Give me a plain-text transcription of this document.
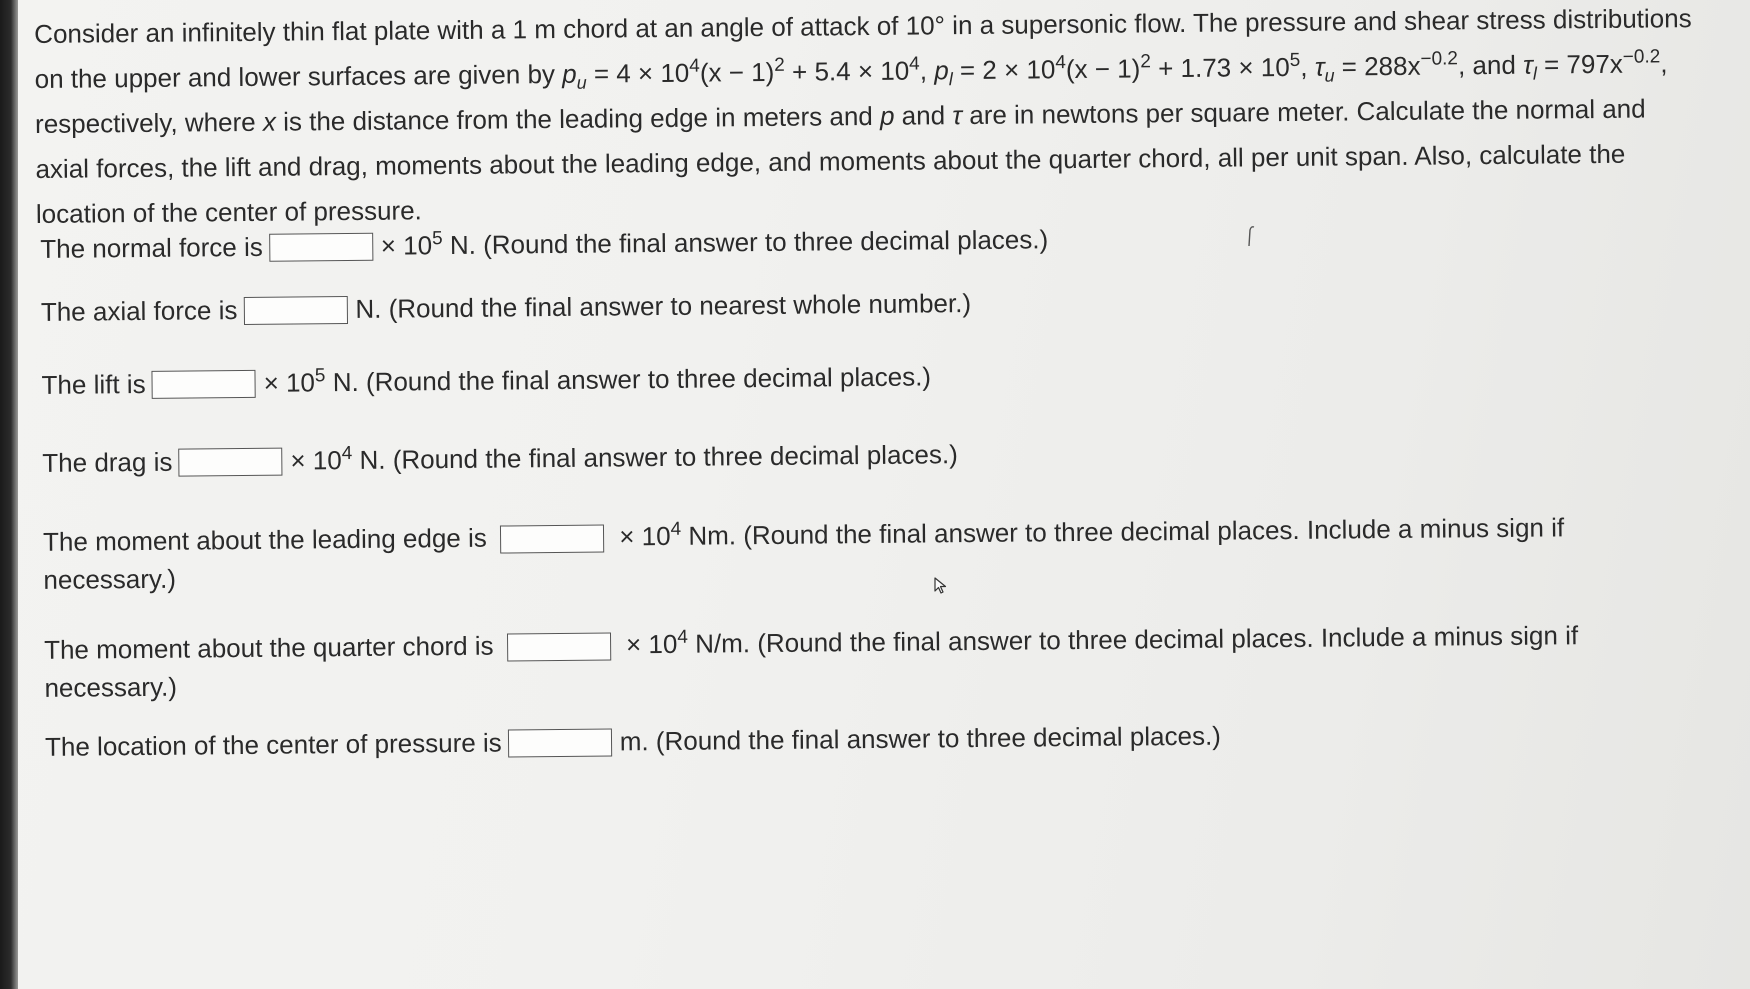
Consider an infinitely thin flat plate with a 1 m chord at an angle of attack of 10° in a supersonic flow. The pressure and shear stress distributions on the upper and lower surfaces are given by $p_u = 4 \times 10^4(x - 1)^2 + 5.4 \times 10^4$, $p_l = 2 \times 10^4(x - 1)^2 + 1.73 \times 10^5$, $\tau_u = 288x^{-0.2}$, and $\tau_l = 797x^{-0.2}$, respectively, where x is the distance from the leading edge in meters and p and τ are in newtons per square meter. Calculate the normal and axial forces, the lift and drag, moments about the leading edge, and moments about the quarter chord, all per unit span. Also, calculate the location of the center of pressure.

The normal force is	× $10^5$ N. (Round the final answer to three decimal places.)
The axial force is	N. (Round the final answer to nearest whole number.)
The lift is	× $10^5$ N. (Round the final answer to three decimal places.)
The drag is	× $10^4$ N. (Round the final answer to three decimal places.)
The moment about the leading edge is	× $10^4$ Nm. (Round the final answer to three decimal places. Include a minus sign if necessary.)
The moment about the quarter chord is	× $10^4$ N/m. (Round the final answer to three decimal places. Include a minus sign if necessary.)
The location of the center of pressure is	m. (Round the final answer to three decimal places.)
